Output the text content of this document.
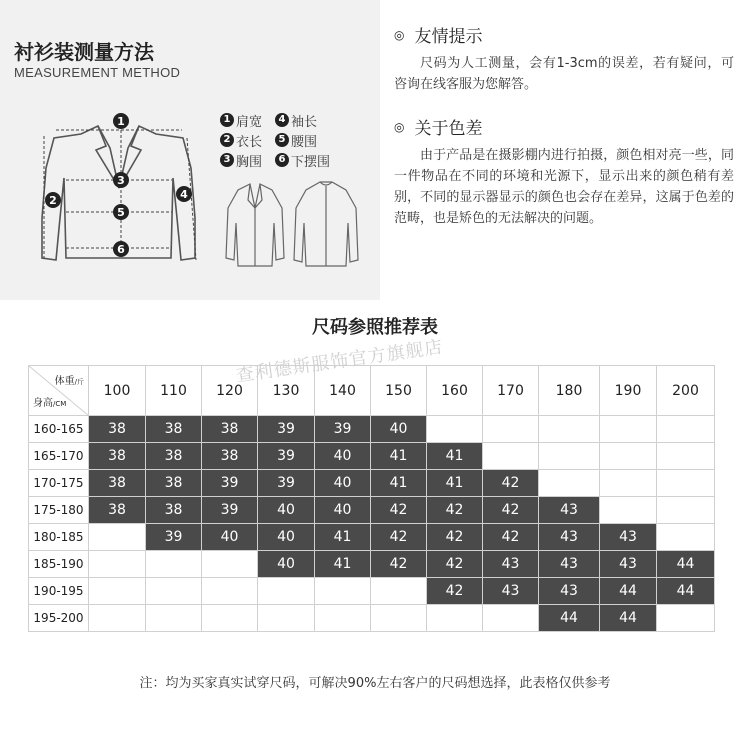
衬衫装测量方法
MEASUREMENT METHOD
1
2
3
4
5
6
1 肩宽	4 袖长
2 衣长	5 腰围
3 胸围	6 下摆围
◎ 友情提示
尺码为人工测量，会有1-3cm的误差，若有疑问，可咨询在线客服为您解答。
◎ 关于色差
由于产品是在摄影棚内进行拍摄，颜色相对亮一些，同一件物品在不同的环境和光源下，显示出来的颜色稍有差别，不同的显示器显示的颜色也会存在差异，这属于色差的范畴，也是矫色的无法解决的问题。
尺码参照推荐表
查利德斯服饰官方旗舰店
体重/斤
身高/CM	100	110	120	130	140	150	160	170	180	190	200
160-165	38	38	38	39	39	40					
165-170	38	38	38	39	40	41	41				
170-175	38	38	39	39	40	41	41	42			
175-180	38	38	39	40	40	42	42	42	43		
180-185		39	40	40	41	42	42	42	43	43	
185-190				40	41	42	42	43	43	43	44
190-195							42	43	43	44	44
195-200									44	44	
注：均为买家真实试穿尺码，可解决90%左右客户的尺码想选择，此表格仅供参考
